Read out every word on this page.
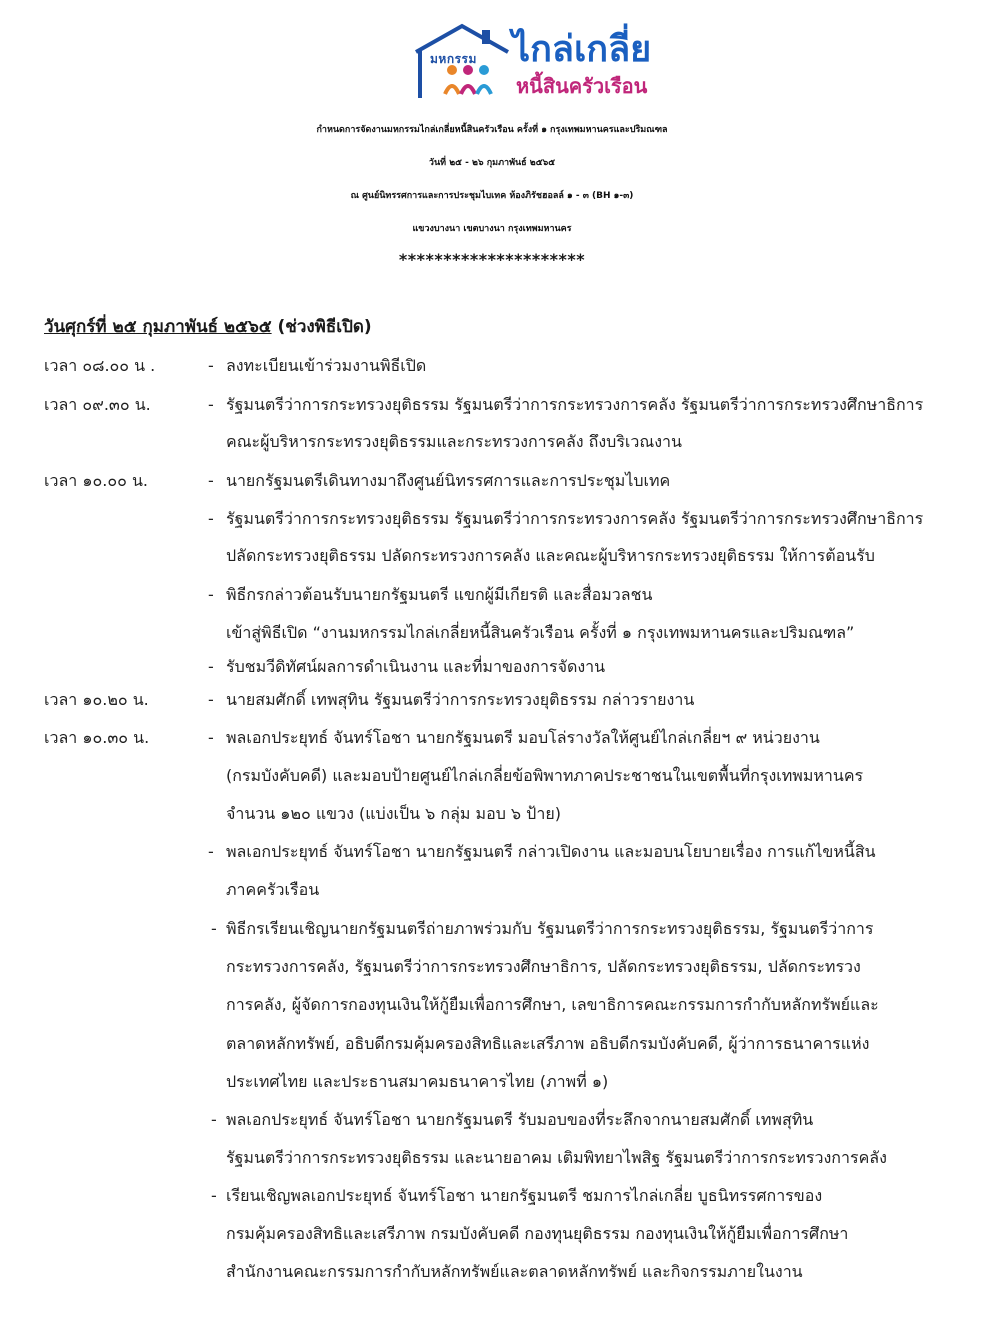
มหกรรม ไกล่เกลี่ย
หนี้สินครัวเรือน
กำหนดการจัดงานมหกรรมไกล่เกลี่ยหนี้สินครัวเรือน ครั้งที่ ๑ กรุงเทพมหานครและปริมณฑล
วันที่ ๒๕ - ๒๖ กุมภาพันธ์ ๒๕๖๕
ณ ศูนย์นิทรรศการและการประชุมไบเทค ห้องภิรัชฮอลล์ ๑ - ๓ (BH ๑-๓)
แขวงบางนา เขตบางนา กรุงเทพมหานคร
*********************
วันศุกร์ที่ ๒๕ กุมภาพันธ์ ๒๕๖๕ (ช่วงพิธีเปิด)
เวลา ๐๘.๐๐ น .	- ลงทะเบียนเข้าร่วมงานพิธีเปิด
เวลา ๐๙.๓๐ น.	- รัฐมนตรีว่าการกระทรวงยุติธรรม รัฐมนตรีว่าการกระทรวงการคลัง รัฐมนตรีว่าการกระทรวงศึกษาธิการ
คณะผู้บริหารกระทรวงยุติธรรมและกระทรวงการคลัง ถึงบริเวณงาน
เวลา ๑๐.๐๐ น.	- นายกรัฐมนตรีเดินทางมาถึงศูนย์นิทรรศการและการประชุมไบเทค
- รัฐมนตรีว่าการกระทรวงยุติธรรม รัฐมนตรีว่าการกระทรวงการคลัง รัฐมนตรีว่าการกระทรวงศึกษาธิการ
ปลัดกระทรวงยุติธรรม ปลัดกระทรวงการคลัง และคณะผู้บริหารกระทรวงยุติธรรม ให้การต้อนรับ
- พิธีกรกล่าวต้อนรับนายกรัฐมนตรี แขกผู้มีเกียรติ และสื่อมวลชน
เข้าสู่พิธีเปิด “งานมหกรรมไกล่เกลี่ยหนี้สินครัวเรือน ครั้งที่ ๑ กรุงเทพมหานครและปริมณฑล”
- รับชมวีดิทัศน์ผลการดำเนินงาน และที่มาของการจัดงาน
เวลา ๑๐.๒๐ น.	- นายสมศักดิ์ เทพสุทิน รัฐมนตรีว่าการกระทรวงยุติธรรม กล่าวรายงาน
เวลา ๑๐.๓๐ น.	- พลเอกประยุทธ์ จันทร์โอชา นายกรัฐมนตรี มอบโล่รางวัลให้ศูนย์ไกล่เกลี่ยฯ ๙ หน่วยงาน
(กรมบังคับคดี) และมอบป้ายศูนย์ไกล่เกลี่ยข้อพิพาทภาคประชาชนในเขตพื้นที่กรุงเทพมหานคร
จำนวน ๑๒๐ แขวง (แบ่งเป็น ๖ กลุ่ม มอบ ๖ ป้าย)
- พลเอกประยุทธ์ จันทร์โอชา นายกรัฐมนตรี กล่าวเปิดงาน และมอบนโยบายเรื่อง การแก้ไขหนี้สิน
ภาคครัวเรือน
- พิธีกรเรียนเชิญนายกรัฐมนตรีถ่ายภาพร่วมกับ รัฐมนตรีว่าการกระทรวงยุติธรรม, รัฐมนตรีว่าการ
กระทรวงการคลัง, รัฐมนตรีว่าการกระทรวงศึกษาธิการ, ปลัดกระทรวงยุติธรรม, ปลัดกระทรวง
การคลัง, ผู้จัดการกองทุนเงินให้กู้ยืมเพื่อการศึกษา, เลขาธิการคณะกรรมการกำกับหลักทรัพย์และ
ตลาดหลักทรัพย์, อธิบดีกรมคุ้มครองสิทธิและเสรีภาพ อธิบดีกรมบังคับคดี, ผู้ว่าการธนาคารแห่ง
ประเทศไทย และประธานสมาคมธนาคารไทย (ภาพที่ ๑)
- พลเอกประยุทธ์ จันทร์โอชา นายกรัฐมนตรี รับมอบของที่ระลึกจากนายสมศักดิ์ เทพสุทิน
รัฐมนตรีว่าการกระทรวงยุติธรรม และนายอาคม เติมพิทยาไพสิฐ รัฐมนตรีว่าการกระทรวงการคลัง
- เรียนเชิญพลเอกประยุทธ์ จันทร์โอชา นายกรัฐมนตรี ชมการไกล่เกลี่ย บูธนิทรรศการของ
กรมคุ้มครองสิทธิและเสรีภาพ กรมบังคับคดี กองทุนยุติธรรม กองทุนเงินให้กู้ยืมเพื่อการศึกษา
สำนักงานคณะกรรมการกำกับหลักทรัพย์และตลาดหลักทรัพย์ และกิจกรรมภายในงาน
